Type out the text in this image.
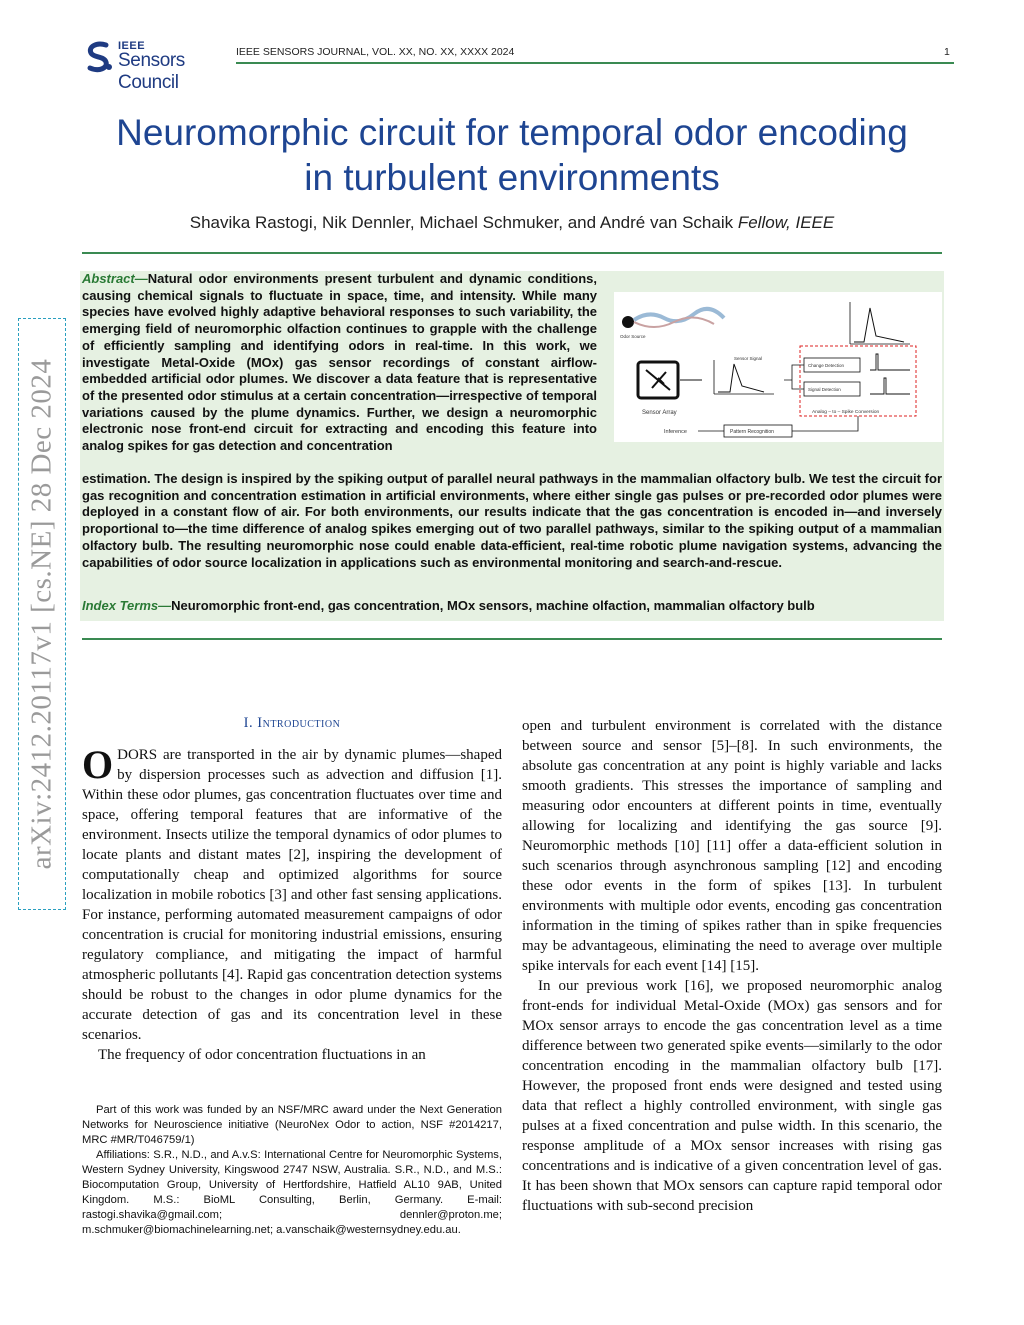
IEEE
Sensors Council
IEEE SENSORS JOURNAL, VOL. XX, NO. XX, XXXX 2024	1
arXiv:2412.20117v1 [cs.NE] 28 Dec 2024
Neuromorphic circuit for temporal odor encoding
in turbulent environments
Shavika Rastogi, Nik Dennler, Michael Schmuker, and André van Schaik Fellow, IEEE
Abstract—Natural odor environments present turbulent and dynamic conditions, causing chemical signals to fluctuate in space, time, and intensity. While many species have evolved highly adaptive behavioral responses to such variability, the emerging field of neuromorphic olfaction continues to grapple with the challenge of efficiently sampling and identifying odors in real-time. In this work, we investigate Metal-Oxide (MOx) gas sensor recordings of constant airflow-embedded artificial odor plumes. We discover a data feature that is representative of the presented odor stimulus at a certain concentration—irrespective of temporal variations caused by the plume dynamics. Further, we design a neuromorphic electronic nose front-end circuit for extracting and encoding this feature into analog spikes for gas detection and concentration
estimation. The design is inspired by the spiking output of parallel neural pathways in the mammalian olfactory bulb. We test the circuit for gas recognition and concentration estimation in artificial environments, where either single gas pulses or pre-recorded odor plumes were deployed in a constant flow of air. For both environments, our results indicate that the gas concentration is encoded in—and inversely proportional to—the time difference of analog spikes emerging out of two parallel pathways, similar to the spiking output of a mammalian olfactory bulb. The resulting neuromorphic nose could enable data-efficient, real-time robotic plume navigation systems, advancing the capabilities of odor source localization in applications such as environmental monitoring and search-and-rescue.
Index Terms—Neuromorphic front-end, gas concentration, MOx sensors, machine olfaction, mammalian olfactory bulb
Odor Source
Sensor Array
Sensor Signal
Change Detection
Signal Detection
Analog – to – Spike Conversion
Pattern Recognition
Inference
I. Introduction

ODORS are transported in the air by dynamic plumes—shaped by dispersion processes such as advection and diffusion [1]. Within these odor plumes, gas concentration fluctuates over time and space, offering temporal features that are informative of the environment. Insects utilize the temporal dynamics of odor plumes to locate plants and distant mates [2], inspiring the development of computationally cheap and optimized algorithms for source localization in mobile robotics [3] and other fast sensing applications. For instance, performing automated measurement campaigns of odor concentration is crucial for monitoring industrial emissions, ensuring regulatory compliance, and mitigating the impact of harmful atmospheric pollutants [4]. Rapid gas concentration detection systems should be robust to the changes in odor plume dynamics for the accurate detection of gas and its concentration level in these scenarios.

The frequency of odor concentration fluctuations in an

Part of this work was funded by an NSF/MRC award under the Next Generation Networks for Neuroscience initiative (NeuroNex Odor to action, NSF #2014217, MRC #MR/T046759/1)

Affiliations: S.R., N.D., and A.v.S: International Centre for Neuromorphic Systems, Western Sydney University, Kingswood 2747 NSW, Australia. S.R., N.D., and M.S.: Biocomputation Group, University of Hertfordshire, Hatfield AL10 9AB, United Kingdom. M.S.: BioML Consulting, Berlin, Germany. E-mail: rastogi.shavika@gmail.com; dennler@proton.me; m.schmuker@biomachinelearning.net; a.vanschaik@westernsydney.edu.au.

open and turbulent environment is correlated with the distance between source and sensor [5]–[8]. In such environments, the absolute gas concentration at any point is highly variable and lacks smooth gradients. This stresses the importance of sampling and measuring odor encounters at different points in time, eventually allowing for localizing and identifying the gas source [9]. Neuromorphic methods [10] [11] offer a data-efficient solution in such scenarios through asynchronous sampling [12] and encoding these odor events in the form of spikes [13]. In turbulent environments with multiple odor events, encoding gas concentration information in the timing of spikes rather than in spike frequencies may be advantageous, eliminating the need to average over multiple spike intervals for each event [14] [15].

In our previous work [16], we proposed neuromorphic analog front-ends for individual Metal-Oxide (MOx) gas sensors and for MOx sensor arrays to encode the gas concentration level as a time difference between two generated spike events—similarly to the odor concentration encoding in the mammalian olfactory bulb [17]. However, the proposed front ends were designed and tested using data that reflect a highly controlled environment, with single gas pulses at a fixed concentration and pulse width. In this scenario, the response amplitude of a MOx sensor increases with rising gas concentrations and is indicative of a given concentration level of gas. It has been shown that MOx sensors can capture rapid temporal odor fluctuations with sub-second precision
